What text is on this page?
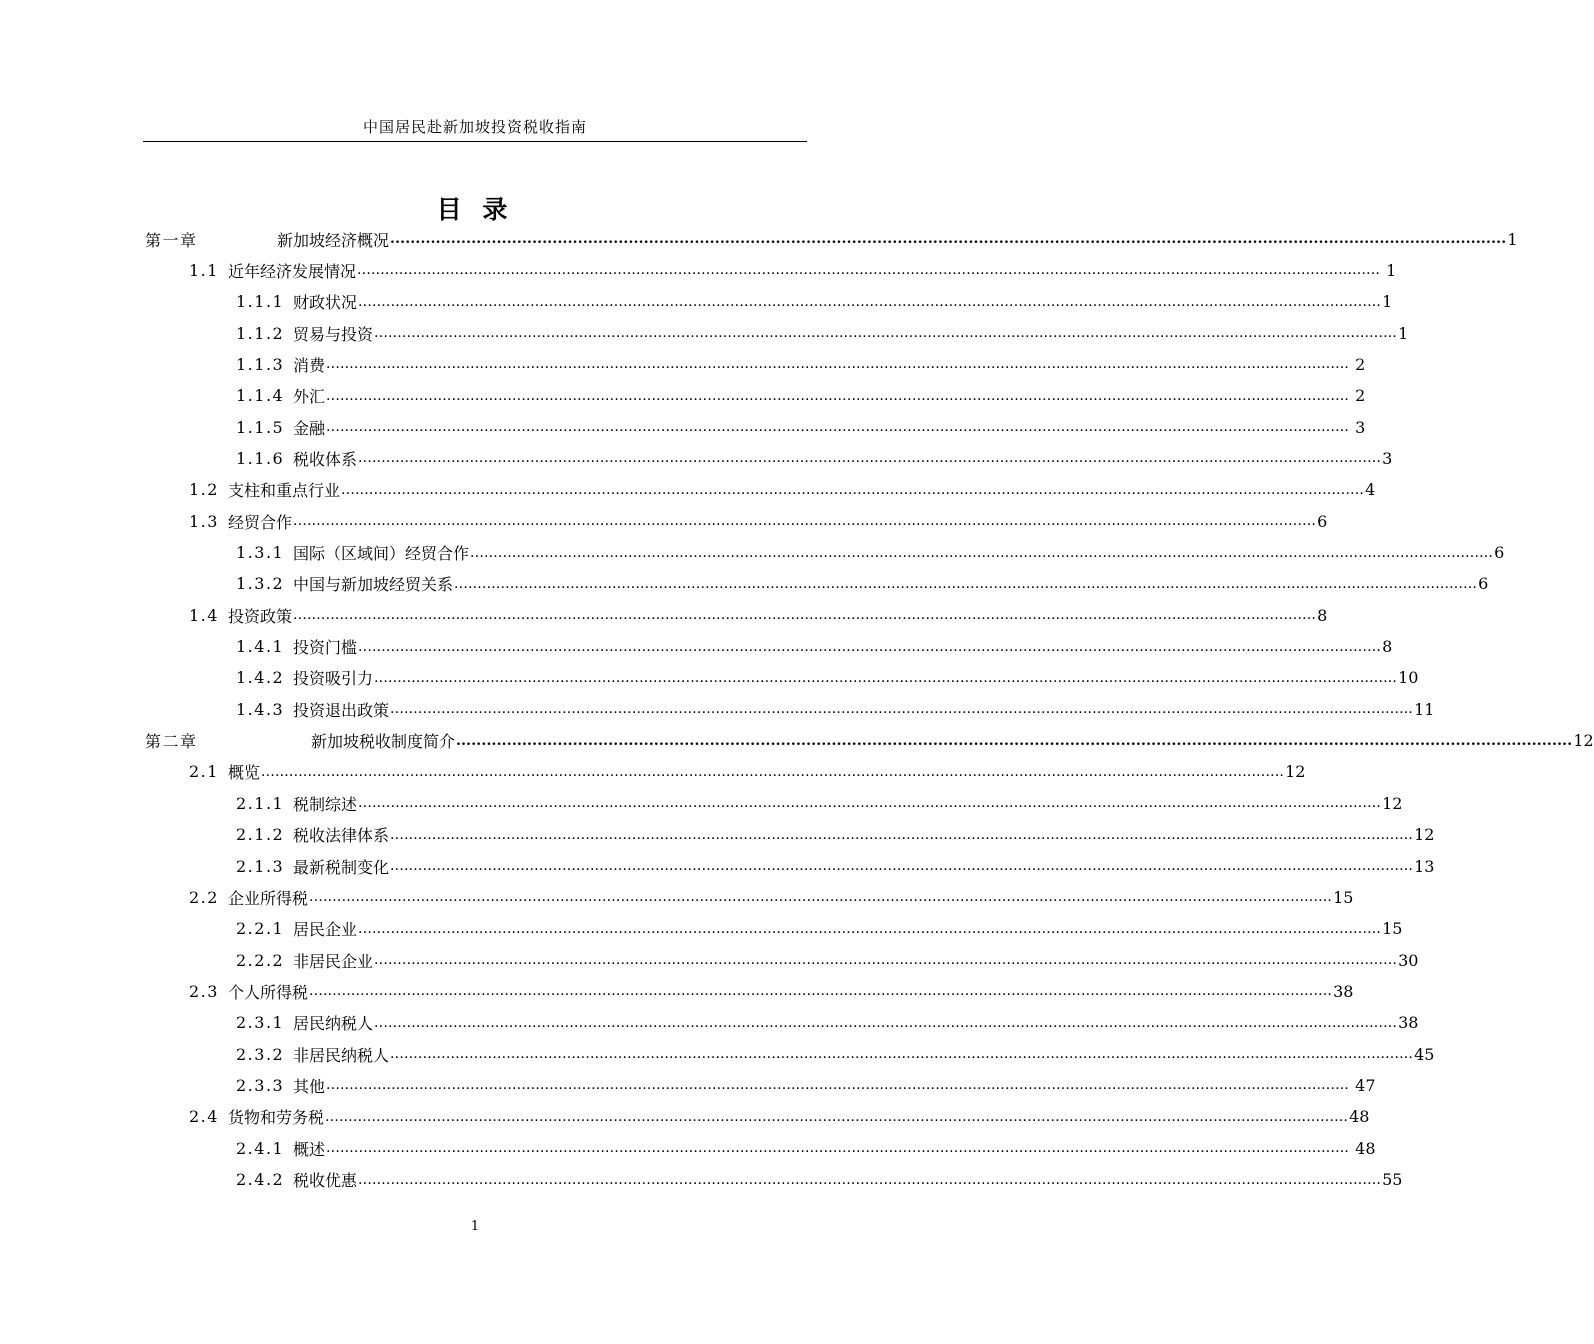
中国居民赴新加坡投资税收指南
目 录
第一章	新加坡经济概况 ............................................................................................................................................................................................................................ 1
1.1 近年经济发展情况 ............................................................................................................................................................................................................................ 1
1.1.1 财政状况 ............................................................................................................................................................................................................................ 1
1.1.2 贸易与投资 ............................................................................................................................................................................................................................ 1
1.1.3 消费 ............................................................................................................................................................................................................................ 2
1.1.4 外汇 ............................................................................................................................................................................................................................ 2
1.1.5 金融 ............................................................................................................................................................................................................................ 3
1.1.6 税收体系 ............................................................................................................................................................................................................................ 3
1.2 支柱和重点行业 ............................................................................................................................................................................................................................ 4
1.3 经贸合作 ............................................................................................................................................................................................................................ 6
1.3.1 国际（区域间）经贸合作 ............................................................................................................................................................................................................................ 6
1.3.2 中国与新加坡经贸关系 ............................................................................................................................................................................................................................ 6
1.4 投资政策 ............................................................................................................................................................................................................................ 8
1.4.1 投资门槛 ............................................................................................................................................................................................................................ 8
1.4.2 投资吸引力 ............................................................................................................................................................................................................................ 10
1.4.3 投资退出政策 ............................................................................................................................................................................................................................ 11
第二章	新加坡税收制度简介 ............................................................................................................................................................................................................................ 12
2.1 概览 ............................................................................................................................................................................................................................ 12
2.1.1 税制综述 ............................................................................................................................................................................................................................ 12
2.1.2 税收法律体系 ............................................................................................................................................................................................................................ 12
2.1.3 最新税制变化 ............................................................................................................................................................................................................................ 13
2.2 企业所得税 ............................................................................................................................................................................................................................ 15
2.2.1 居民企业 ............................................................................................................................................................................................................................ 15
2.2.2 非居民企业 ............................................................................................................................................................................................................................ 30
2.3 个人所得税 ............................................................................................................................................................................................................................ 38
2.3.1 居民纳税人 ............................................................................................................................................................................................................................ 38
2.3.2 非居民纳税人 ............................................................................................................................................................................................................................ 45
2.3.3 其他 ............................................................................................................................................................................................................................ 47
2.4 货物和劳务税 ............................................................................................................................................................................................................................ 48
2.4.1 概述 ............................................................................................................................................................................................................................ 48
2.4.2 税收优惠 ............................................................................................................................................................................................................................ 55
1
